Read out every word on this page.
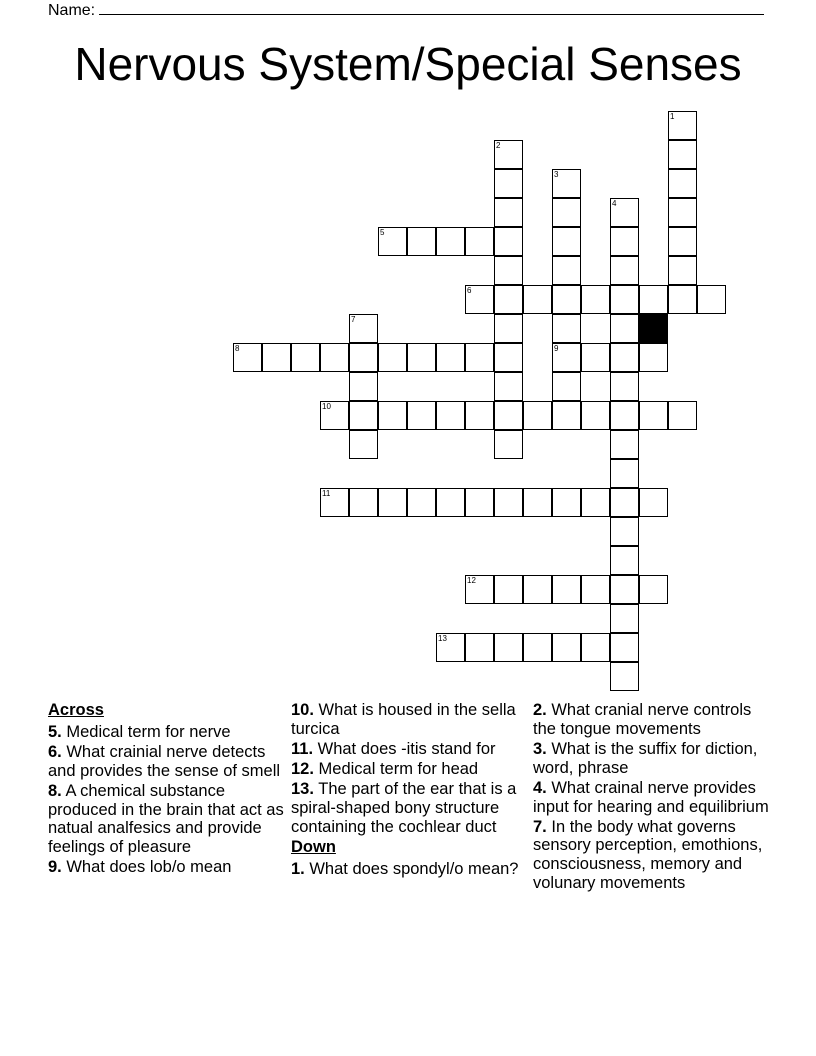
Name:
Nervous System/Special Senses
1
2
3
9
4
5
6
7
8
10
11
12
13
Across
5. Medical term for nerve
6. What crainial nerve detects and provides the sense of smell
8. A chemical substance produced in the brain that act as natual analfesics and provide feelings of pleasure
9. What does lob/o mean
10. What is housed in the sella turcica
11. What does -itis stand for
12. Medical term for head
13. The part of the ear that is a spiral-shaped bony structure containing the cochlear duct
Down
1. What does spondyl/o mean?
2. What cranial nerve controls the tongue movements
3. What is the suffix for diction, word, phrase
4. What crainal nerve provides input for hearing and equilibrium
7. In the body what governs sensory perception, emothions, consciousness, memory and volunary movements
